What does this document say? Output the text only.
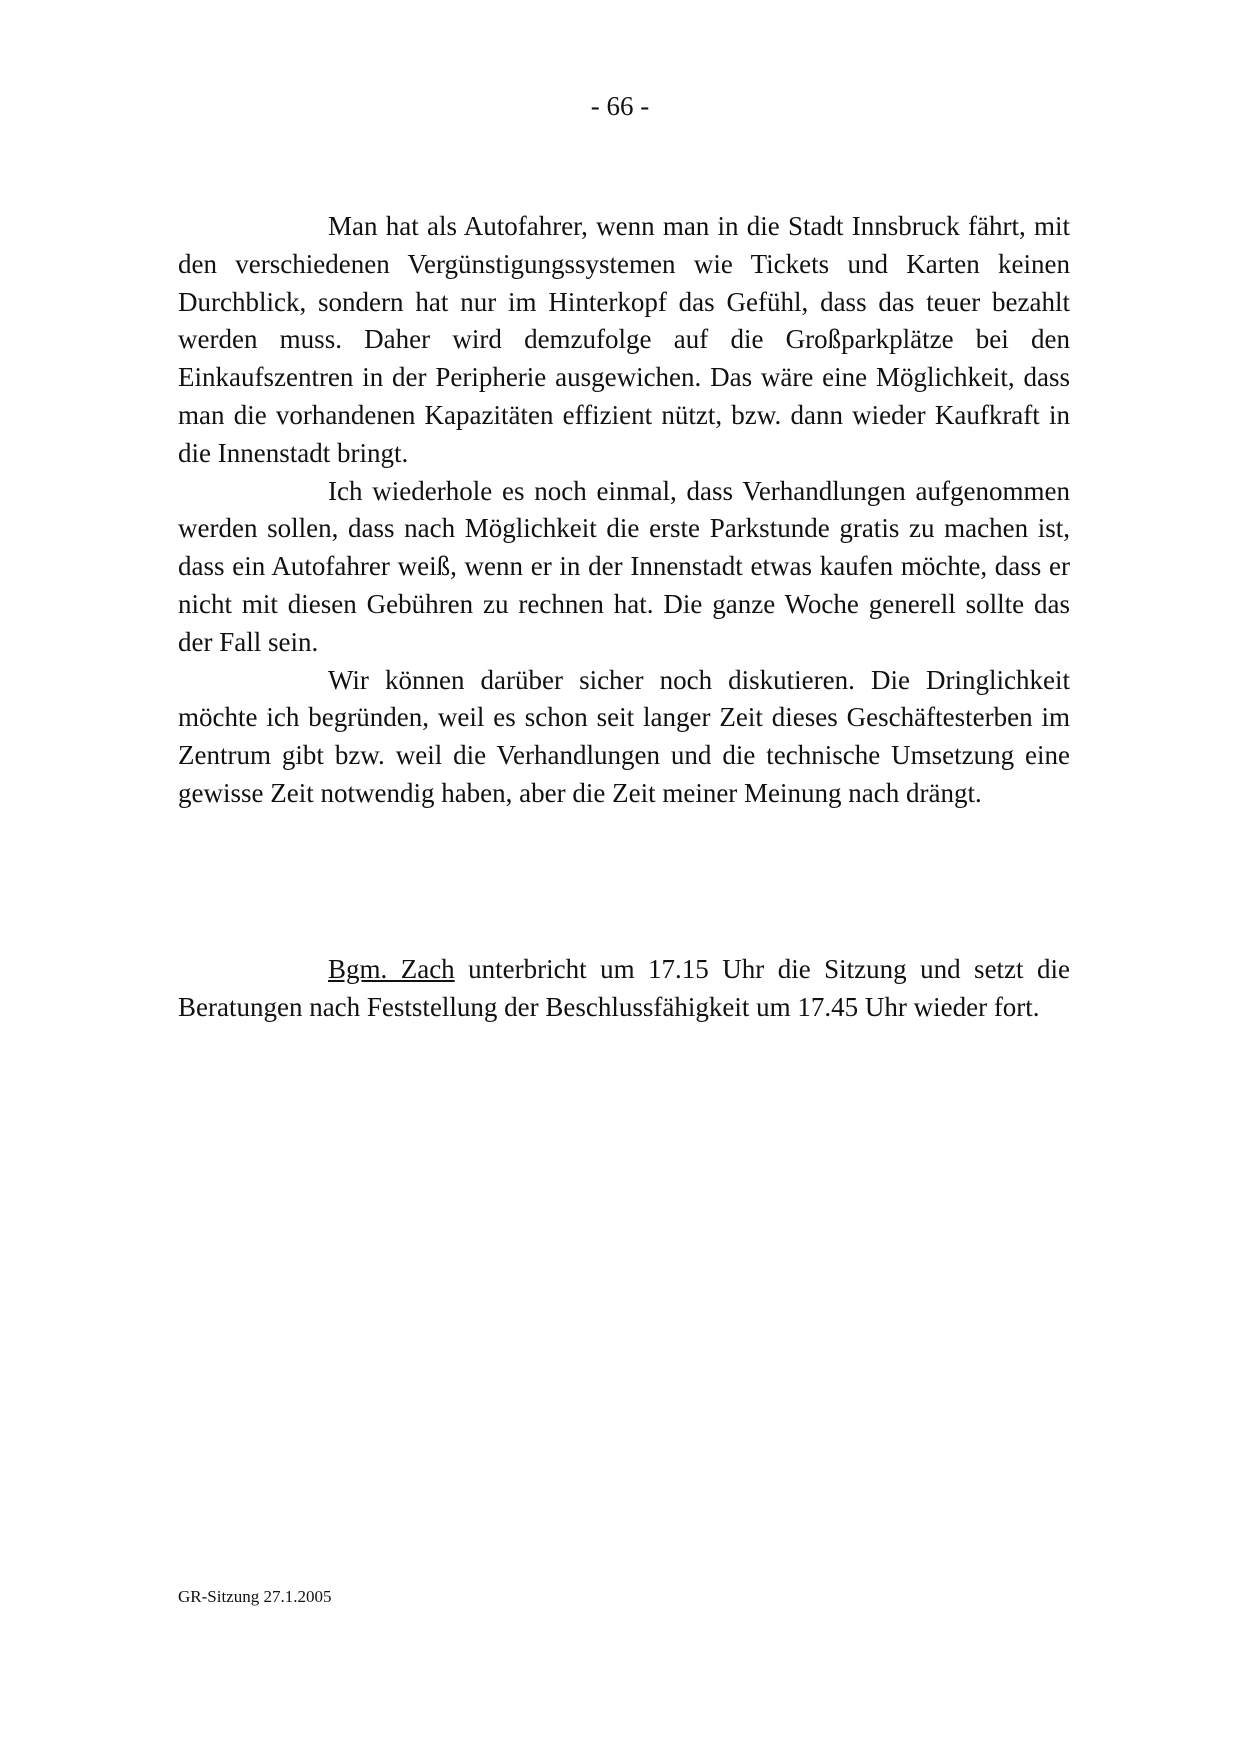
- 66 -

Man hat als Autofahrer, wenn man in die Stadt Innsbruck fährt, mit den verschiedenen Vergünstigungssystemen wie Tickets und Karten keinen Durchblick, sondern hat nur im Hinterkopf das Gefühl, dass das teuer bezahlt werden muss. Daher wird demzufolge auf die Großparkplätze bei den Einkaufszentren in der Peripherie ausgewichen. Das wäre eine Möglichkeit, dass man die vorhandenen Kapazitäten effizient nützt, bzw. dann wieder Kaufkraft in die Innenstadt bringt.

Ich wiederhole es noch einmal, dass Verhandlungen aufgenommen werden sollen, dass nach Möglichkeit die erste Parkstunde gratis zu machen ist, dass ein Autofahrer weiß, wenn er in der Innenstadt etwas kaufen möchte, dass er nicht mit diesen Gebühren zu rechnen hat. Die ganze Woche generell sollte das der Fall sein.

Wir können darüber sicher noch diskutieren. Die Dringlichkeit möchte ich begründen, weil es schon seit langer Zeit dieses Geschäftesterben im Zentrum gibt bzw. weil die Verhandlungen und die technische Umsetzung eine gewisse Zeit notwendig haben, aber die Zeit meiner Meinung nach drängt.

Bgm. Zach unterbricht um 17.15 Uhr die Sitzung und setzt die Beratungen nach Feststellung der Beschlussfähigkeit um 17.45 Uhr wieder fort.

GR-Sitzung 27.1.2005
